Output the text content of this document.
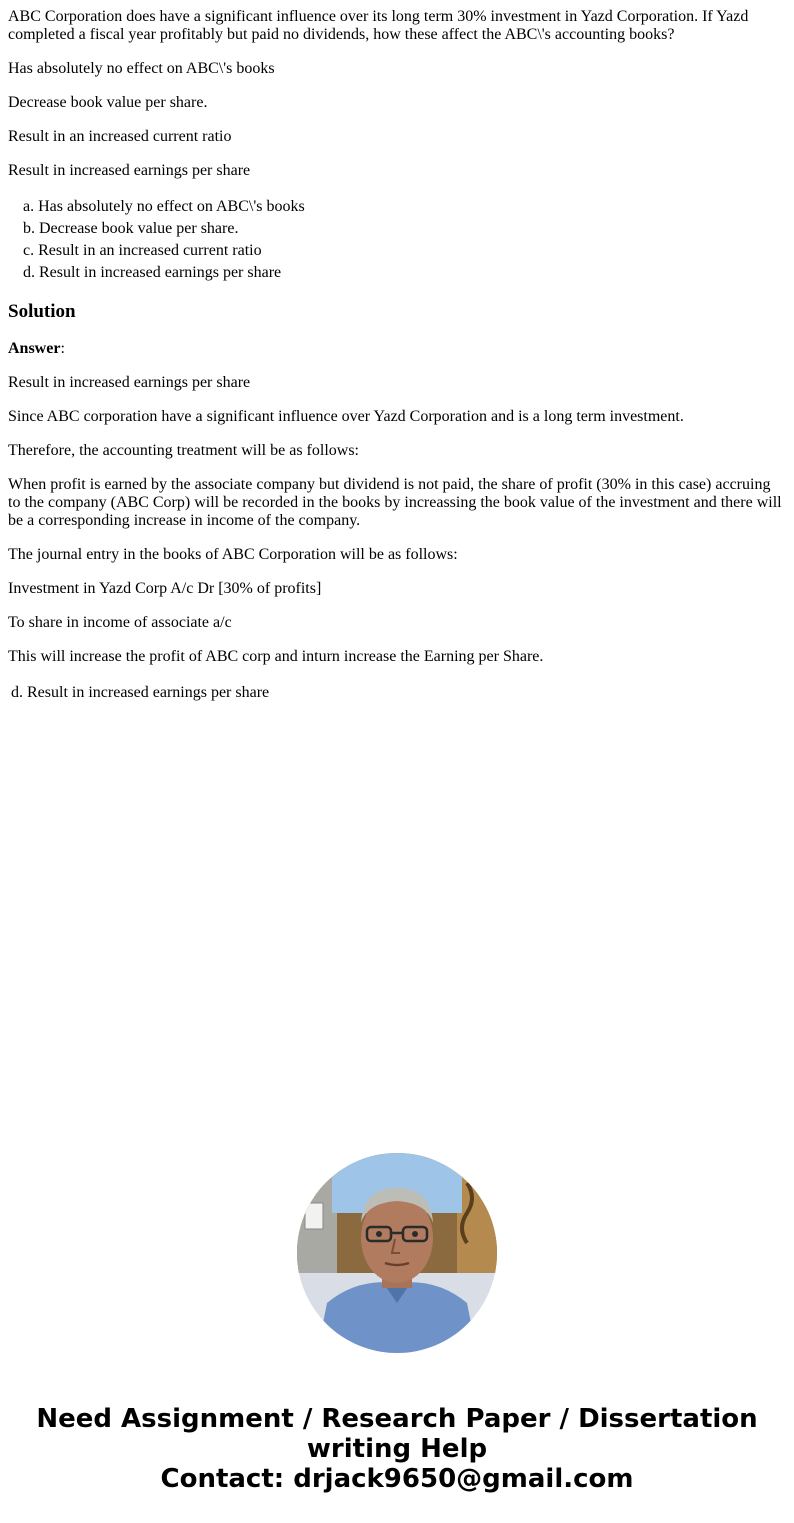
ABC Corporation does have a significant influence over its long term 30% investment in Yazd Corporation. If Yazd completed a fiscal year profitably but paid no dividends, how these affect the ABC\'s accounting books?

Has absolutely no effect on ABC\'s books

Decrease book value per share.

Result in an increased current ratio

Result in increased earnings per share

a. Has absolutely no effect on ABC\'s books
b. Decrease book value per share.
c. Result in an increased current ratio
d. Result in increased earnings per share
Solution

Answer:

Result in increased earnings per share

Since ABC corporation have a significant influence over Yazd Corporation and is a long term investment.

Therefore, the accounting treatment will be as follows:

When profit is earned by the associate company but dividend is not paid, the share of profit (30% in this case) accruing to the company (ABC Corp) will be recorded in the books by increassing the book value of the investment and there will be a corresponding increase in income of the company.

The journal entry in the books of ABC Corporation will be as follows:

Investment in Yazd Corp A/c Dr [30% of profits]

To share in income of associate a/c

This will increase the profit of ABC corp and inturn increase the Earning per Share.

d. Result in increased earnings per share
Need Assignment / Research Paper / Dissertation
writing Help
Contact: drjack9650@gmail.com
